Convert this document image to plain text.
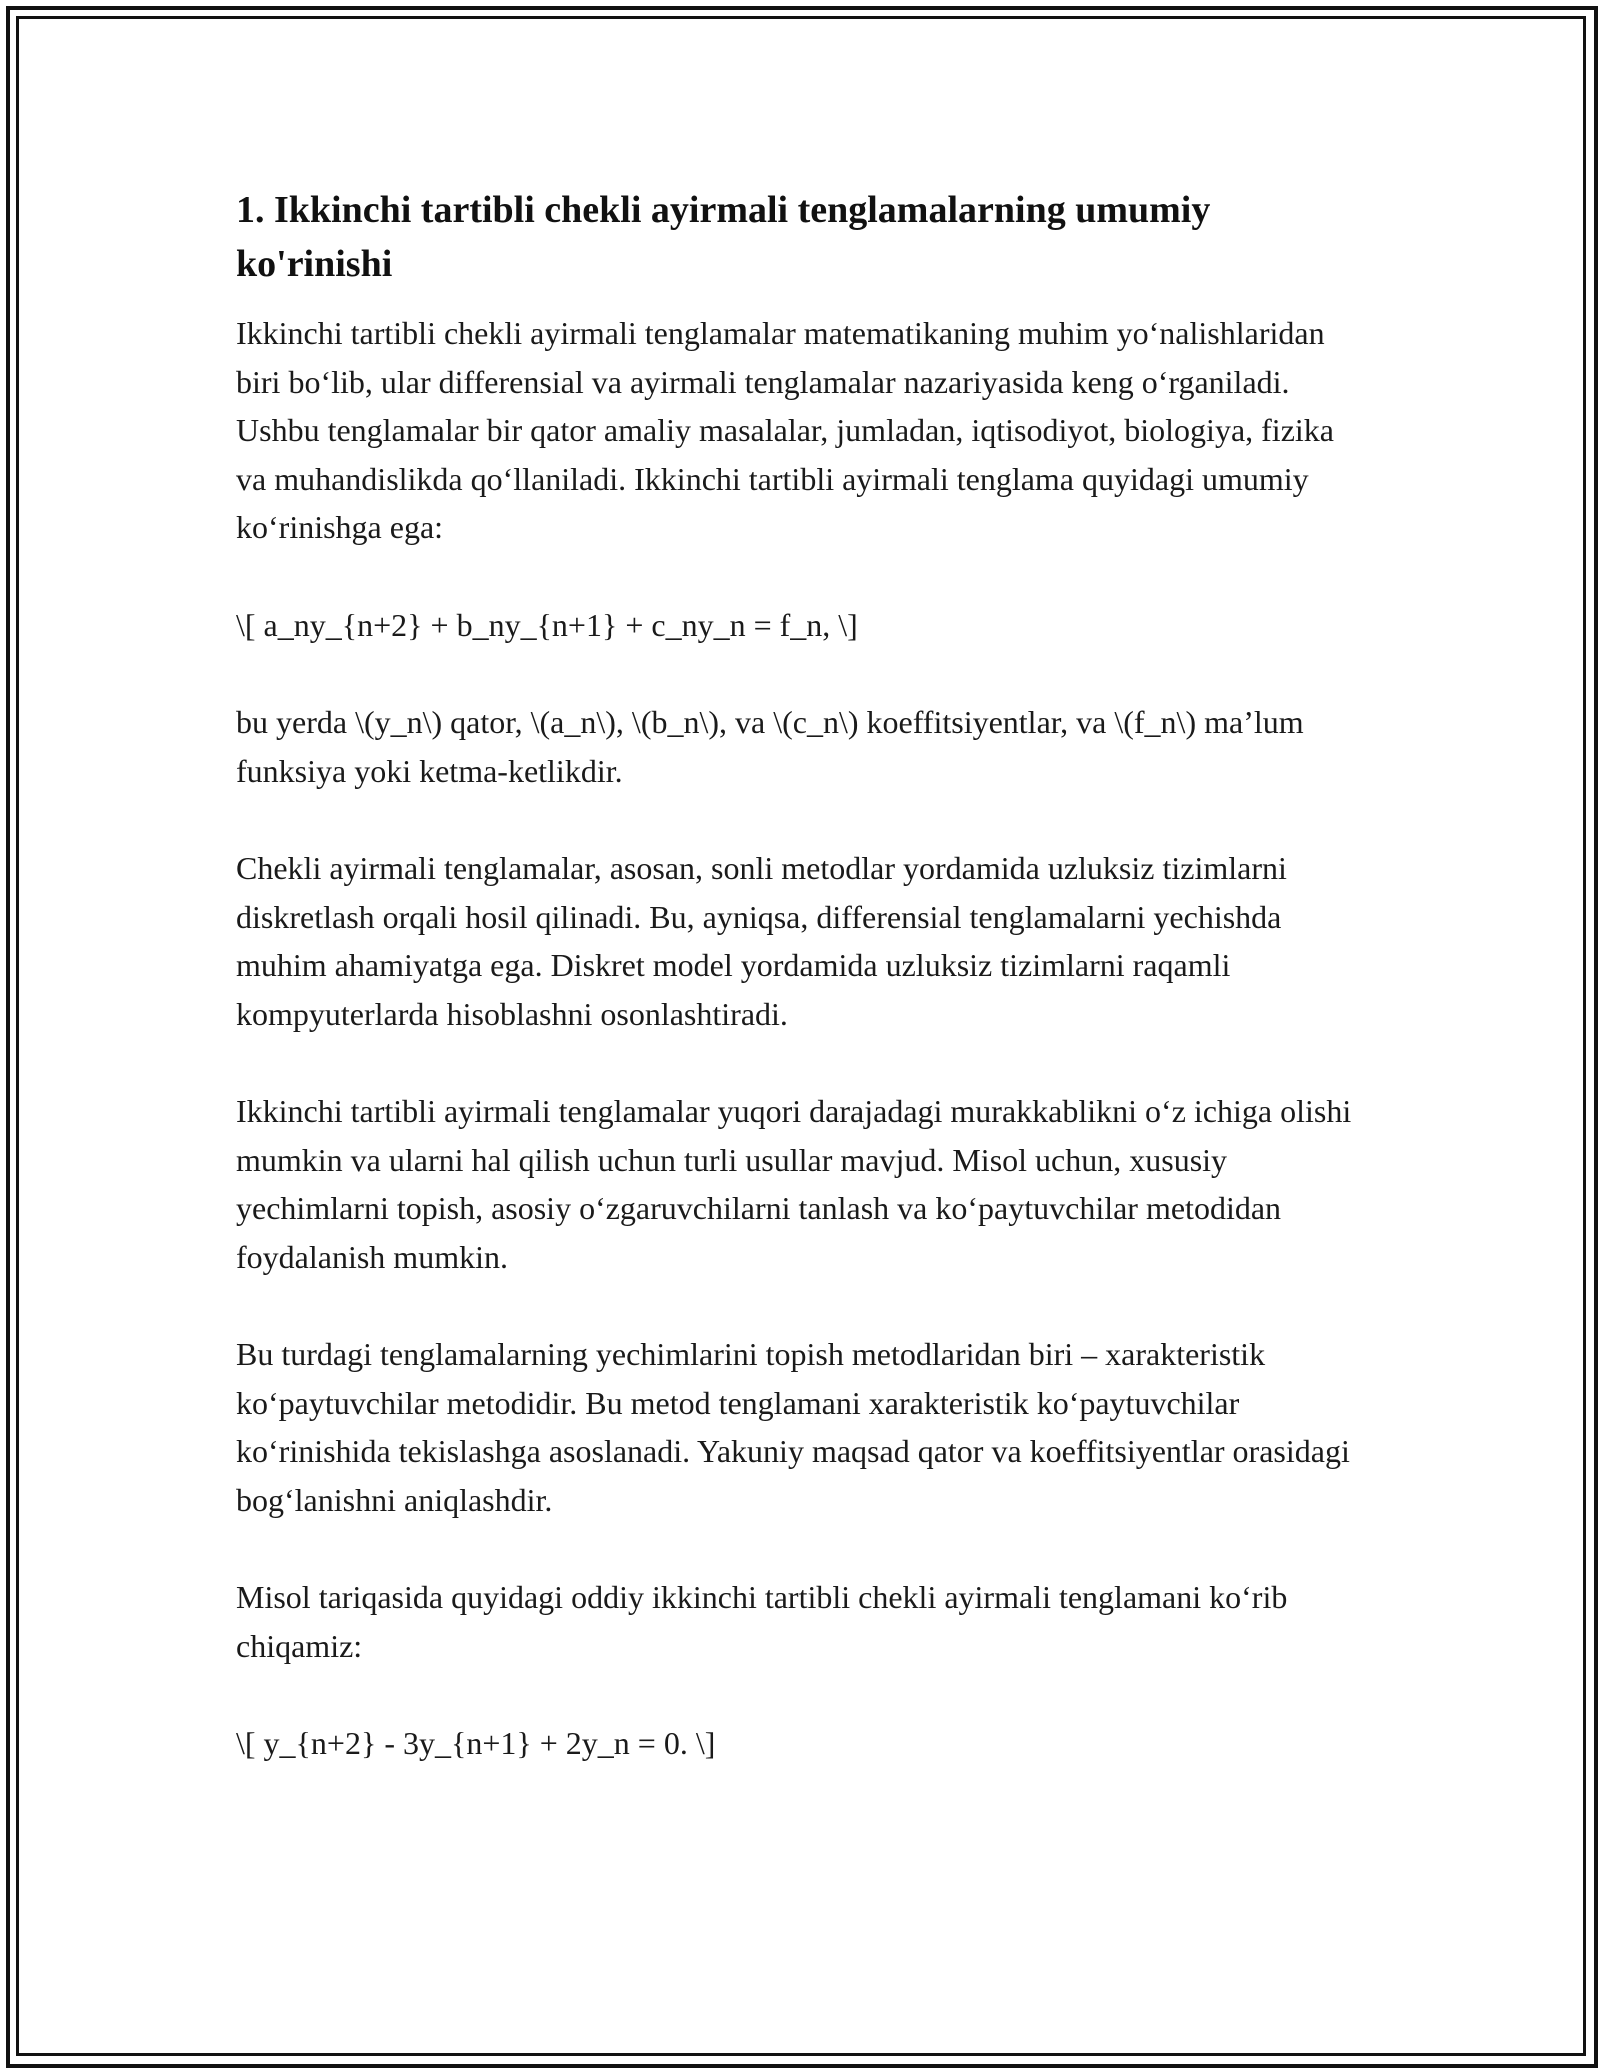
1. Ikkinchi tartibli chekli ayirmali tenglamalarning umumiy ko'rinishi

Ikkinchi tartibli chekli ayirmali tenglamalar matematikaning muhim yo‘nalishlaridan biri bo‘lib, ular differensial va ayirmali tenglamalar nazariyasida keng o‘rganiladi. Ushbu tenglamalar bir qator amaliy masalalar, jumladan, iqtisodiyot, biologiya, fizika va muhandislikda qo‘llaniladi. Ikkinchi tartibli ayirmali tenglama quyidagi umumiy ko‘rinishga ega:

\[ a_ny_{n+2} + b_ny_{n+1} + c_ny_n = f_n, \]

bu yerda \(y_n\) qator, \(a_n\), \(b_n\), va \(c_n\) koeffitsiyentlar, va \(f_n\) ma’lum funksiya yoki ketma-ketlikdir.

Chekli ayirmali tenglamalar, asosan, sonli metodlar yordamida uzluksiz tizimlarni diskretlash orqali hosil qilinadi. Bu, ayniqsa, differensial tenglamalarni yechishda muhim ahamiyatga ega. Diskret model yordamida uzluksiz tizimlarni raqamli kompyuterlarda hisoblashni osonlashtiradi.

Ikkinchi tartibli ayirmali tenglamalar yuqori darajadagi murakkablikni o‘z ichiga olishi mumkin va ularni hal qilish uchun turli usullar mavjud. Misol uchun, xususiy yechimlarni topish, asosiy o‘zgaruvchilarni tanlash va ko‘paytuvchilar metodidan foydalanish mumkin.

Bu turdagi tenglamalarning yechimlarini topish metodlaridan biri – xarakteristik ko‘paytuvchilar metodidir. Bu metod tenglamani xarakteristik ko‘paytuvchilar ko‘rinishida tekislashga asoslanadi. Yakuniy maqsad qator va koeffitsiyentlar orasidagi bog‘lanishni aniqlashdir.

Misol tariqasida quyidagi oddiy ikkinchi tartibli chekli ayirmali tenglamani ko‘rib chiqamiz:

\[ y_{n+2} - 3y_{n+1} + 2y_n = 0. \]
